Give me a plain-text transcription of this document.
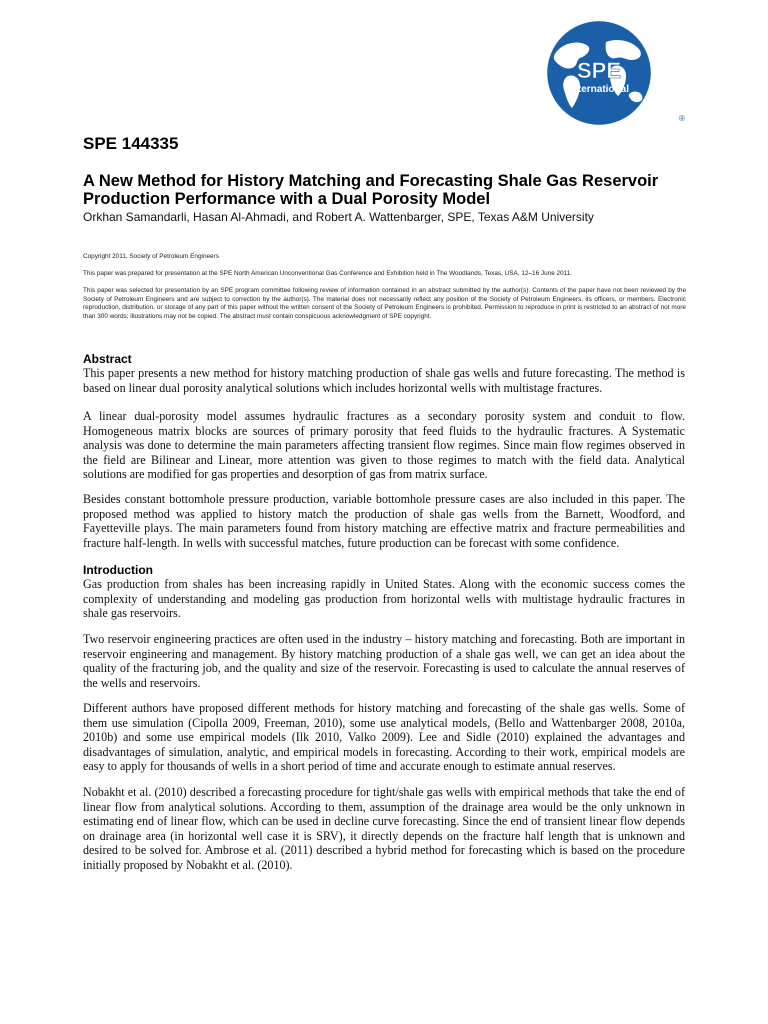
SPE
International
®
SPE 144335
A New Method for History Matching and Forecasting Shale Gas Reservoir Production Performance with a Dual Porosity Model
Orkhan Samandarli, Hasan Al-Ahmadi, and Robert A. Wattenbarger, SPE, Texas A&M University

Copyright 2011, Society of Petroleum Engineers

This paper was prepared for presentation at the SPE North American Unconventional Gas Conference and Exhibition held in The Woodlands, Texas, USA, 12–16 June 2011.

This paper was selected for presentation by an SPE program committee following review of information contained in an abstract submitted by the author(s). Contents of the paper have not been reviewed by the Society of Petroleum Engineers and are subject to correction by the author(s). The material does not necessarily reflect any position of the Society of Petroleum Engineers, its officers, or members. Electronic reproduction, distribution, or storage of any part of this paper without the written consent of the Society of Petroleum Engineers is prohibited. Permission to reproduce in print is restricted to an abstract of not more than 300 words; illustrations may not be copied. The abstract must contain conspicuous acknowledgment of SPE copyright.

Abstract

This paper presents a new method for history matching production of shale gas wells and future forecasting. The method is based on linear dual porosity analytical solutions which includes horizontal wells with multistage fractures.

A linear dual-porosity model assumes hydraulic fractures as a secondary porosity system and conduit to flow. Homogeneous matrix blocks are sources of primary porosity that feed fluids to the hydraulic fractures. A Systematic analysis was done to determine the main parameters affecting transient flow regimes. Since main flow regimes observed in the field are Bilinear and Linear, more attention was given to those regimes to match with the field data. Analytical solutions are modified for gas properties and desorption of gas from matrix surface.

Besides constant bottomhole pressure production, variable bottomhole pressure cases are also included in this paper. The proposed method was applied to history match the production of shale gas wells from the Barnett, Woodford, and Fayetteville plays. The main parameters found from history matching are effective matrix and fracture permeabilities and fracture half-length. In wells with successful matches, future production can be forecast with some confidence.

Introduction

Gas production from shales has been increasing rapidly in United States. Along with the economic success comes the complexity of understanding and modeling gas production from horizontal wells with multistage hydraulic fractures in shale gas reservoirs.

Two reservoir engineering practices are often used in the industry – history matching and forecasting. Both are important in reservoir engineering and management. By history matching production of a shale gas well, we can get an idea about the quality of the fracturing job, and the quality and size of the reservoir. Forecasting is used to calculate the annual reserves of the wells and reservoirs.

Different authors have proposed different methods for history matching and forecasting of the shale gas wells. Some of them use simulation (Cipolla 2009, Freeman, 2010), some use analytical models, (Bello and Wattenbarger 2008, 2010a, 2010b) and some use empirical models (Ilk 2010, Valko 2009). Lee and Sidle (2010) explained the advantages and disadvantages of simulation, analytic, and empirical models in forecasting. According to their work, empirical models are easy to apply for thousands of wells in a short period of time and accurate enough to estimate annual reserves.

Nobakht et al. (2010) described a forecasting procedure for tight/shale gas wells with empirical methods that take the end of linear flow from analytical solutions. According to them, assumption of the drainage area would be the only unknown in estimating end of linear flow, which can be used in decline curve forecasting. Since the end of transient linear flow depends on drainage area (in horizontal well case it is SRV), it directly depends on the fracture half length that is unknown and desired to be solved for. Ambrose et al. (2011) described a hybrid method for forecasting which is based on the procedure initially proposed by Nobakht et al. (2010).
